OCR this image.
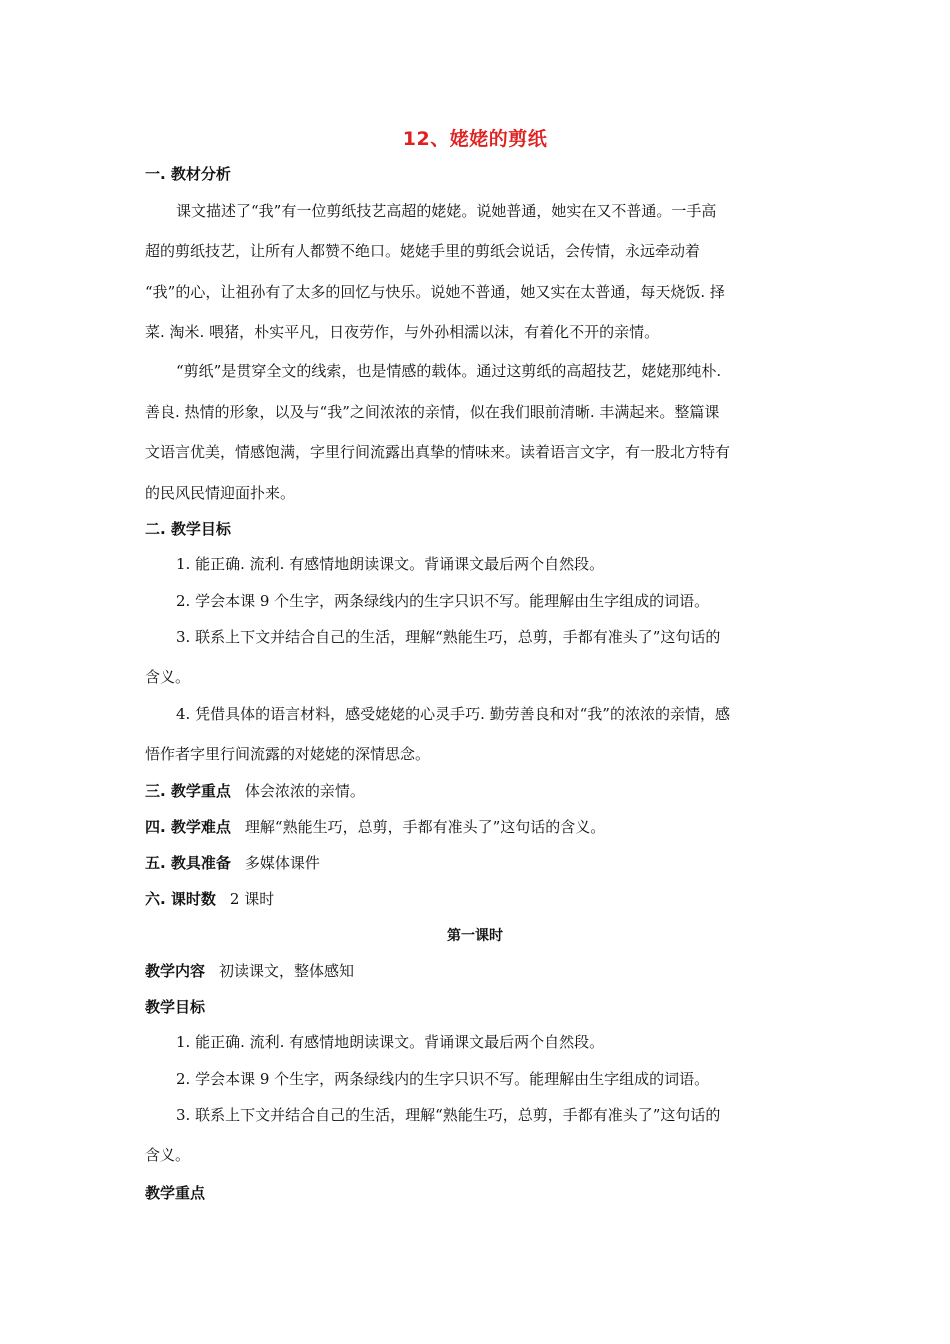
12、姥姥的剪纸
一. 教材分析
课文描述了“我”有一位剪纸技艺高超的姥姥。说她普通，她实在又不普通。一手高
超的剪纸技艺，让所有人都赞不绝口。姥姥手里的剪纸会说话，会传情，永远牵动着
“我”的心，让祖孙有了太多的回忆与快乐。说她不普通，她又实在太普通，每天烧饭. 择
菜. 淘米. 喂猪，朴实平凡，日夜劳作，与外孙相濡以沫，有着化不开的亲情。
“剪纸”是贯穿全文的线索，也是情感的载体。通过这剪纸的高超技艺，姥姥那纯朴.
善良. 热情的形象，以及与“我”之间浓浓的亲情，似在我们眼前清晰. 丰满起来。整篇课
文语言优美，情感饱满，字里行间流露出真挚的情味来。读着语言文字，有一股北方特有
的民风民情迎面扑来。
二. 教学目标
1. 能正确. 流利. 有感情地朗读课文。背诵课文最后两个自然段。
2. 学会本课 9 个生字，两条绿线内的生字只识不写。能理解由生字组成的词语。
3. 联系上下文并结合自己的生活，理解“熟能生巧，总剪，手都有准头了”这句话的
含义。
4. 凭借具体的语言材料，感受姥姥的心灵手巧. 勤劳善良和对“我”的浓浓的亲情，感
悟作者字里行间流露的对姥姥的深情思念。
三. 教学重点 体会浓浓的亲情。
四. 教学难点 理解“熟能生巧，总剪，手都有准头了”这句话的含义。
五. 教具准备 多媒体课件
六. 课时数 2 课时
第一课时
教学内容 初读课文，整体感知
教学目标
1. 能正确. 流利. 有感情地朗读课文。背诵课文最后两个自然段。
2. 学会本课 9 个生字，两条绿线内的生字只识不写。能理解由生字组成的词语。
3. 联系上下文并结合自己的生活，理解“熟能生巧，总剪，手都有准头了”这句话的
含义。
教学重点
